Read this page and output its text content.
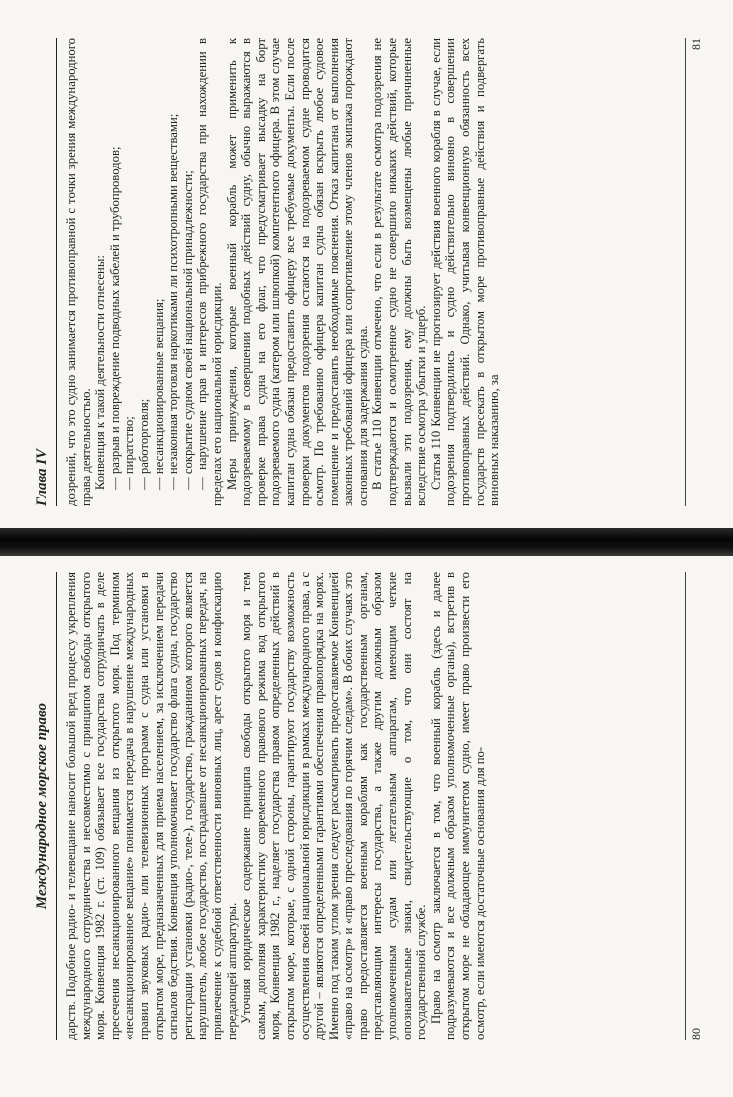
Международное морское право	дарств. Подобное радио- и телевещание наносит большой вред процессу укрепления международного сотрудничества и несовместимо с принципом свободы открытого моря. Конвенция 1982 г. (ст. 109) обязывает все государства сотрудничать в деле пресечения несанкционированного вещания из открытого моря. Под термином «несанкционированное вещание» понимается передача в нарушение международных правил звуковых радио- или телевизионных программ с судна или установки в открытом море, предназначенных для приема населением, за исключением передачи сигналов бедствия. Конвенция уполномочивает государство флага судна, государство регистрации установки (радио-, теле-), государство, гражданином которого является нарушитель, любое государство, пострадавшее от несанкционированных передач, на привлечение к судебной ответственности виновных лиц, арест судов и конфискацию передающей аппаратуры. Уточняя юридическое содержание принципа свободы открытого моря и тем самым, дополняя характеристику современного правового режима вод открытого моря, Конвенция 1982 г., наделяет государства правом определенных действий в открытом море, которые, с одной стороны, гарантируют государству возможность осуществления своей национальной юрисдикции в рамках международного права, а с другой – являются определенными гарантиями обеспечения правопорядка на морях. Именно под таким углом зрения следует рассматривать предоставляемое Конвенцией «право на осмотр» и «право преследования по горячим следам». В обоих случаях это право предоставляется военным кораблям как государственным органам, представляющим интересы государства, а также другим должным образом уполномоченным судам или летательным аппаратам, имеющим четкие опознавательные знаки, свидетельствующие о том, что они состоят на государственной службе. Право на осмотр заключается в том, что военный корабль (здесь и далее подразумеваются и все должным образом уполномоченные органы), встретив в открытом море не обладающее иммунитетом судно, имеет право произвести его осмотр, если имеются достаточные основания для по-	80
Глава IV	дозрений, что это судно занимается противоправной с точки зрения международного права деятельностью. Конвенция к такой деятельности отнесены: — разрыв и повреждение подводных кабелей и трубопроводов; — пиратство; — работорговля; — несанкционированные вещания; — незаконная торговля наркотиками ли психотропными веществами; — сокрытие судном своей национальной принадлежности; — нарушение прав и интересов прибрежного государства при нахождении в пределах его национальной юрисдикции. Меры принуждения, которые военный корабль может применить к подозреваемому в совершении подобных действий судну, обычно выражаются в проверке права судна на его флаг, что предусматривает высадку на борт подозреваемого судна (катером или шлюпкой) компетентного офицера. В этом случае капитан судна обязан предоставить офицеру все требуемые документы. Если после проверки документов подозрения остаются на подозреваемом судне проводится осмотр. По требованию офицера капитан судна обязан вскрыть любое судовое помещение и предоставить необходимые пояснения. Отказ капитана от выполнения законных требований офицера или сопротивление этому членов экипажа порождают основания для задержания судна. В статье 110 Конвенции отмечено, что если в результате осмотра подозрения не подтверждаются и осмотренное судно не совершило никаких действий, которые вызвали эти подозрения, ему должны быть возмещены любые причиненные вследствие осмотра убытки и ущерб. Статья 110 Конвенции не прогнозирует действия военного корабля в случае, если подозрения подтвердились и судно действительно виновно в совершении противоправных действий. Однако, учитывая конвенционную обязанность всех государств пресекать в открытом море противоправные действия и подвергать виновных наказанию, за

81
